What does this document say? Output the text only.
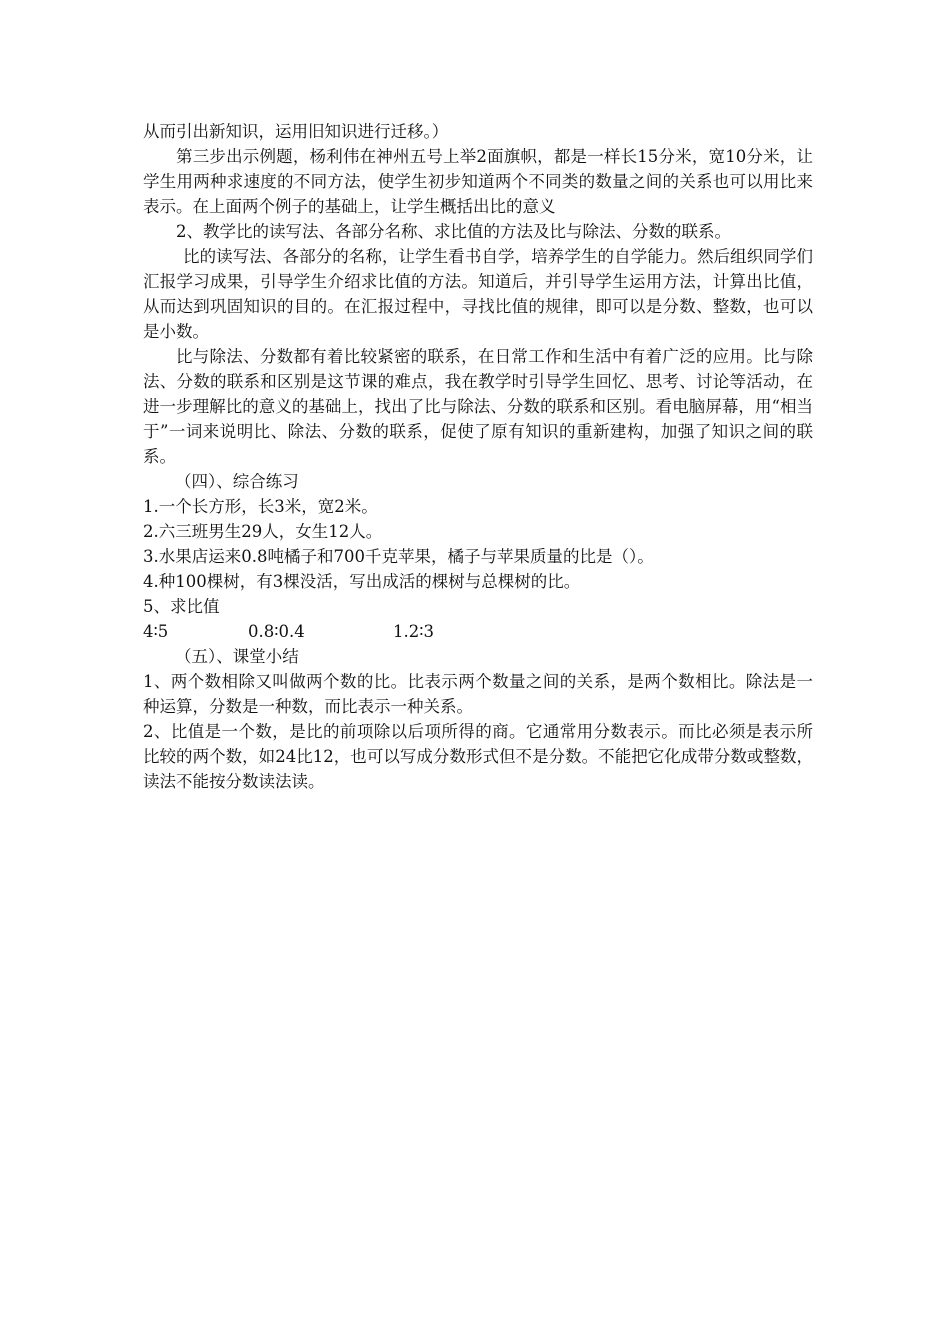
从而引出新知识，运用旧知识进行迁移。）

第三步出示例题，杨利伟在神州五号上举2面旗帜，都是一样长15分米，宽10分米，让学生用两种求速度的不同方法，使学生初步知道两个不同类的数量之间的关系也可以用比来表示。在上面两个例子的基础上，让学生概括出比的意义

2、教学比的读写法、各部分名称、求比值的方法及比与除法、分数的联系。

比的读写法、各部分的名称，让学生看书自学，培养学生的自学能力。然后组织同学们汇报学习成果，引导学生介绍求比值的方法。知道后，并引导学生运用方法，计算出比值，从而达到巩固知识的目的。在汇报过程中，寻找比值的规律，即可以是分数、整数，也可以是小数。

比与除法、分数都有着比较紧密的联系，在日常工作和生活中有着广泛的应用。比与除法、分数的联系和区别是这节课的难点，我在教学时引导学生回忆、思考、讨论等活动，在进一步理解比的意义的基础上，找出了比与除法、分数的联系和区别。看电脑屏幕，用“相当于”一词来说明比、除法、分数的联系，促使了原有知识的重新建构，加强了知识之间的联系。

（四）、综合练习

1.一个长方形，长3米，宽2米。

2.六三班男生29人，女生12人。

3.水果店运来0.8吨橘子和700千克苹果，橘子与苹果质量的比是（）。

4.种100棵树，有3棵没活，写出成活的棵树与总棵树的比。

5、求比值

4∶5	0.8∶0.4	1.2∶3

（五）、课堂小结

1、两个数相除又叫做两个数的比。比表示两个数量之间的关系，是两个数相比。除法是一种运算，分数是一种数，而比表示一种关系。

2、比值是一个数，是比的前项除以后项所得的商。它通常用分数表示。而比必须是表示所比较的两个数，如24比12，也可以写成分数形式但不是分数。不能把它化成带分数或整数，读法不能按分数读法读。
